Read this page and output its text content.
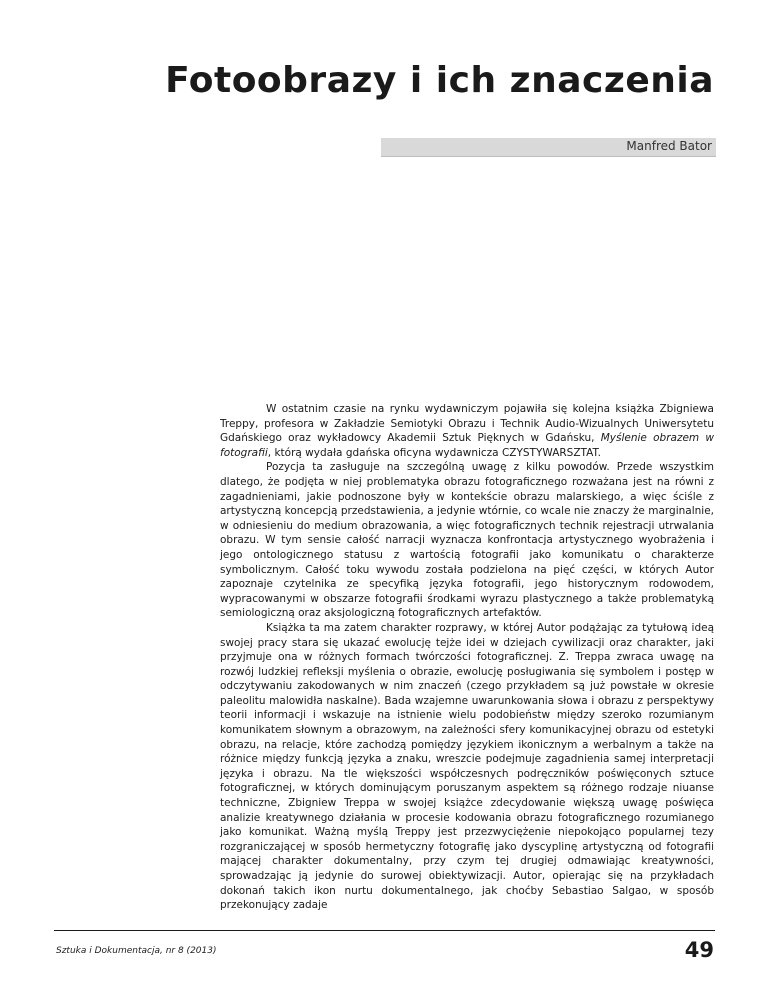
Fotoobrazy i ich znaczenia
Manfred Bator

W ostatnim czasie na rynku wydawniczym pojawiła się kolejna książka Zbigniewa Treppy, profesora w Zakładzie Semiotyki Obrazu i Technik Audio-Wizualnych Uniwersytetu Gdańskiego oraz wykładowcy Akademii Sztuk Pięknych w Gdańsku, Myślenie obrazem w fotografii, którą wydała gdańska oficyna wydawnicza CZYSTYWARSZTAT.

Pozycja ta zasługuje na szczególną uwagę z kilku powodów. Przede wszystkim dlatego, że podjęta w niej problematyka obrazu fotograficznego rozważana jest na równi z zagadnieniami, jakie podnoszone były w kontekście obrazu malarskiego, a więc ściśle z artystyczną koncepcją przedstawienia, a jedynie wtórnie, co wcale nie znaczy że marginalnie, w odniesieniu do medium obrazowania, a więc fotograficznych technik rejestracji utrwalania obrazu. W tym sensie całość narracji wyznacza konfrontacja artystycznego wyobrażenia i jego ontologicznego statusu z wartością fotografii jako komunikatu o charakterze symbolicznym. Całość toku wywodu została podzielona na pięć części, w których Autor zapoznaje czytelnika ze specyfiką języka fotografii, jego historycznym rodowodem, wypracowanymi w obszarze fotografii środkami wyrazu plastycznego a także problematyką semiologiczną oraz aksjologiczną fotograficznych artefaktów.

Książka ta ma zatem charakter rozprawy, w której Autor podążając za tytułową ideą swojej pracy stara się ukazać ewolucję tejże idei w dziejach cywilizacji oraz charakter, jaki przyjmuje ona w różnych formach twórczości fotograficznej. Z. Treppa zwraca uwagę na rozwój ludzkiej refleksji myślenia o obrazie, ewolucję posługiwania się symbolem i postęp w odczytywaniu zakodowanych w nim znaczeń (czego przykładem są już powstałe w okresie paleolitu malowidła naskalne). Bada wzajemne uwarunkowania słowa i obrazu z perspektywy teorii informacji i wskazuje na istnienie wielu podobieństw między szeroko rozumianym komunikatem słownym a obrazowym, na zależności sfery komunikacyjnej obrazu od estetyki obrazu, na relacje, które zachodzą pomiędzy językiem ikonicznym a werbalnym a także na różnice między funkcją języka a znaku, wreszcie podejmuje zagadnienia samej interpretacji języka i obrazu. Na tle większości współczesnych podręczników poświęconych sztuce fotograficznej, w których dominującym poruszanym aspektem są różnego rodzaje niuanse techniczne, Zbigniew Treppa w swojej książce zdecydowanie większą uwagę poświęca analizie kreatywnego działania w procesie kodowania obrazu fotograficznego rozumianego jako komunikat. Ważną myślą Treppy jest przezwyciężenie niepokojąco popularnej tezy rozgraniczającej w sposób hermetyczny fotografię jako dyscyplinę artystyczną od fotografii mającej charakter dokumentalny, przy czym tej drugiej odmawiając kreatywności, sprowadzając ją jedynie do surowej obiektywizacji. Autor, opierając się na przykładach dokonań takich ikon nurtu dokumentalnego, jak choćby Sebastiao Salgao, w sposób przekonujący zadaje

Sztuka i Dokumentacja, nr 8 (2013)	49
